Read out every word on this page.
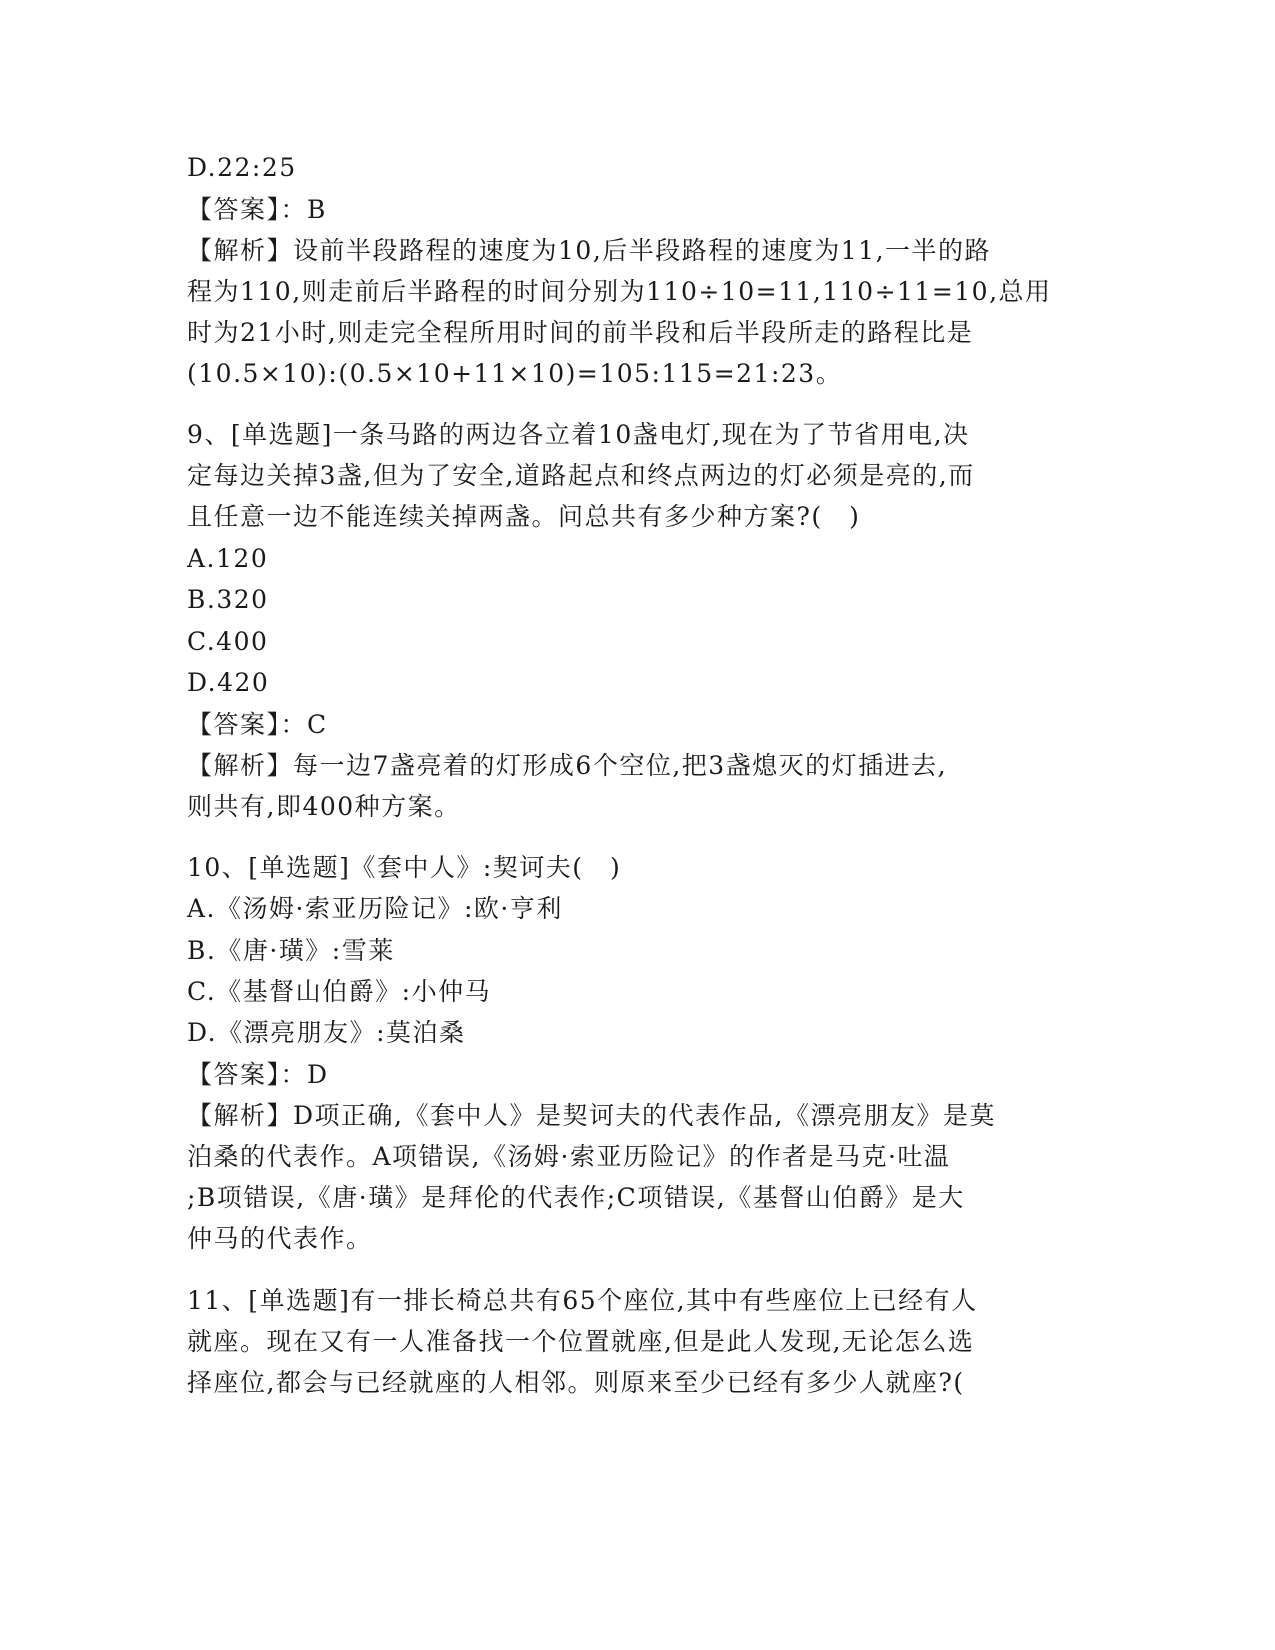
D.22:25
【答案】：B
【解析】设前半段路程的速度为10,后半段路程的速度为11,一半的路
程为110,则走前后半路程的时间分别为110÷10=11,110÷11=10,总用
时为21小时,则走完全程所用时间的前半段和后半段所走的路程比是
(10.5×10):(0.5×10+11×10)=105:115=21:23。
9、[单选题]一条马路的两边各立着10盏电灯,现在为了节省用电,决
定每边关掉3盏,但为了安全,道路起点和终点两边的灯必须是亮的,而
且任意一边不能连续关掉两盏。问总共有多少种方案?(　)
A.120
B.320
C.400
D.420
【答案】：C
【解析】每一边7盏亮着的灯形成6个空位,把3盏熄灭的灯插进去,
则共有,即400种方案。
10、[单选题]《套中人》:契诃夫(　)
A.《汤姆·索亚历险记》:欧·亨利
B.《唐·璜》:雪莱
C.《基督山伯爵》:小仲马
D.《漂亮朋友》:莫泊桑
【答案】：D
【解析】D项正确,《套中人》是契诃夫的代表作品,《漂亮朋友》是莫
泊桑的代表作。A项错误,《汤姆·索亚历险记》的作者是马克·吐温
;B项错误,《唐·璜》是拜伦的代表作;C项错误,《基督山伯爵》是大
仲马的代表作。
11、[单选题]有一排长椅总共有65个座位,其中有些座位上已经有人
就座。现在又有一人准备找一个位置就座,但是此人发现,无论怎么选
择座位,都会与已经就座的人相邻。则原来至少已经有多少人就座?(
